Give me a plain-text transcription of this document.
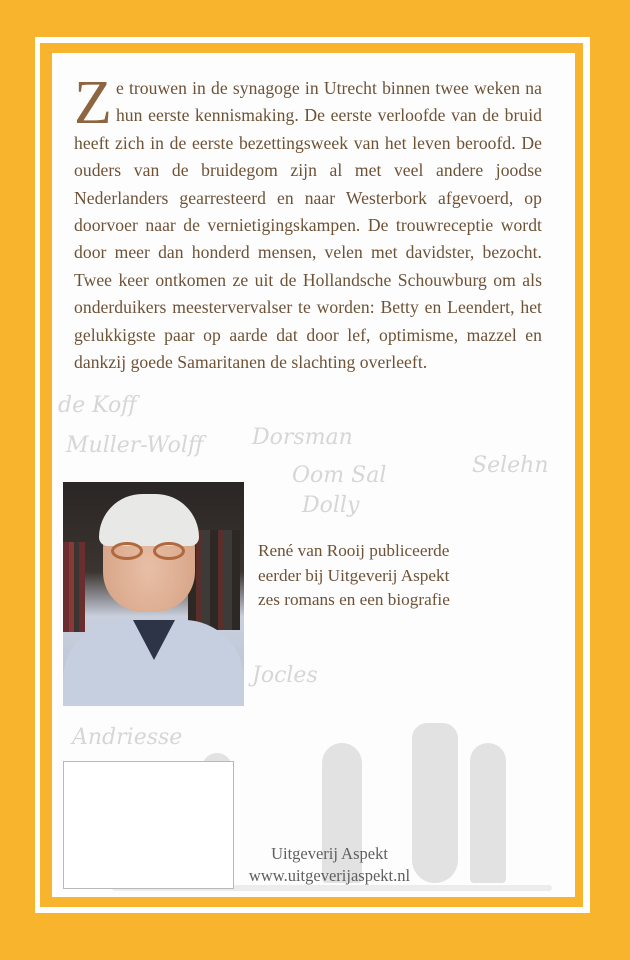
de Koff
Muller-Wolff Dorsman
Oom Sal
Dolly
Selehn
Andriesse
Jocles
Ze trouwen in de synagoge in Utrecht binnen twee weken na hun eerste kennismaking. De eerste verloofde van de bruid heeft zich in de eerste bezettingsweek van het leven beroofd. De ouders van de bruidegom zijn al met veel andere joodse Nederlanders gearresteerd en naar Westerbork afgevoerd, op doorvoer naar de vernietigingskampen. De trouwreceptie wordt door meer dan honderd mensen, velen met davidster, bezocht. Twee keer ontkomen ze uit de Hollandsche Schouwburg om als onderduikers meestervervalser te worden: Betty en Leendert, het gelukkigste paar op aarde dat door lef, optimisme, mazzel en dankzij goede Samaritanen de slachting overleeft.
René van Rooij publiceerde
eerder bij Uitgeverij Aspekt
zes romans en een biografie
Uitgeverij Aspekt
www.uitgeverijaspekt.nl
